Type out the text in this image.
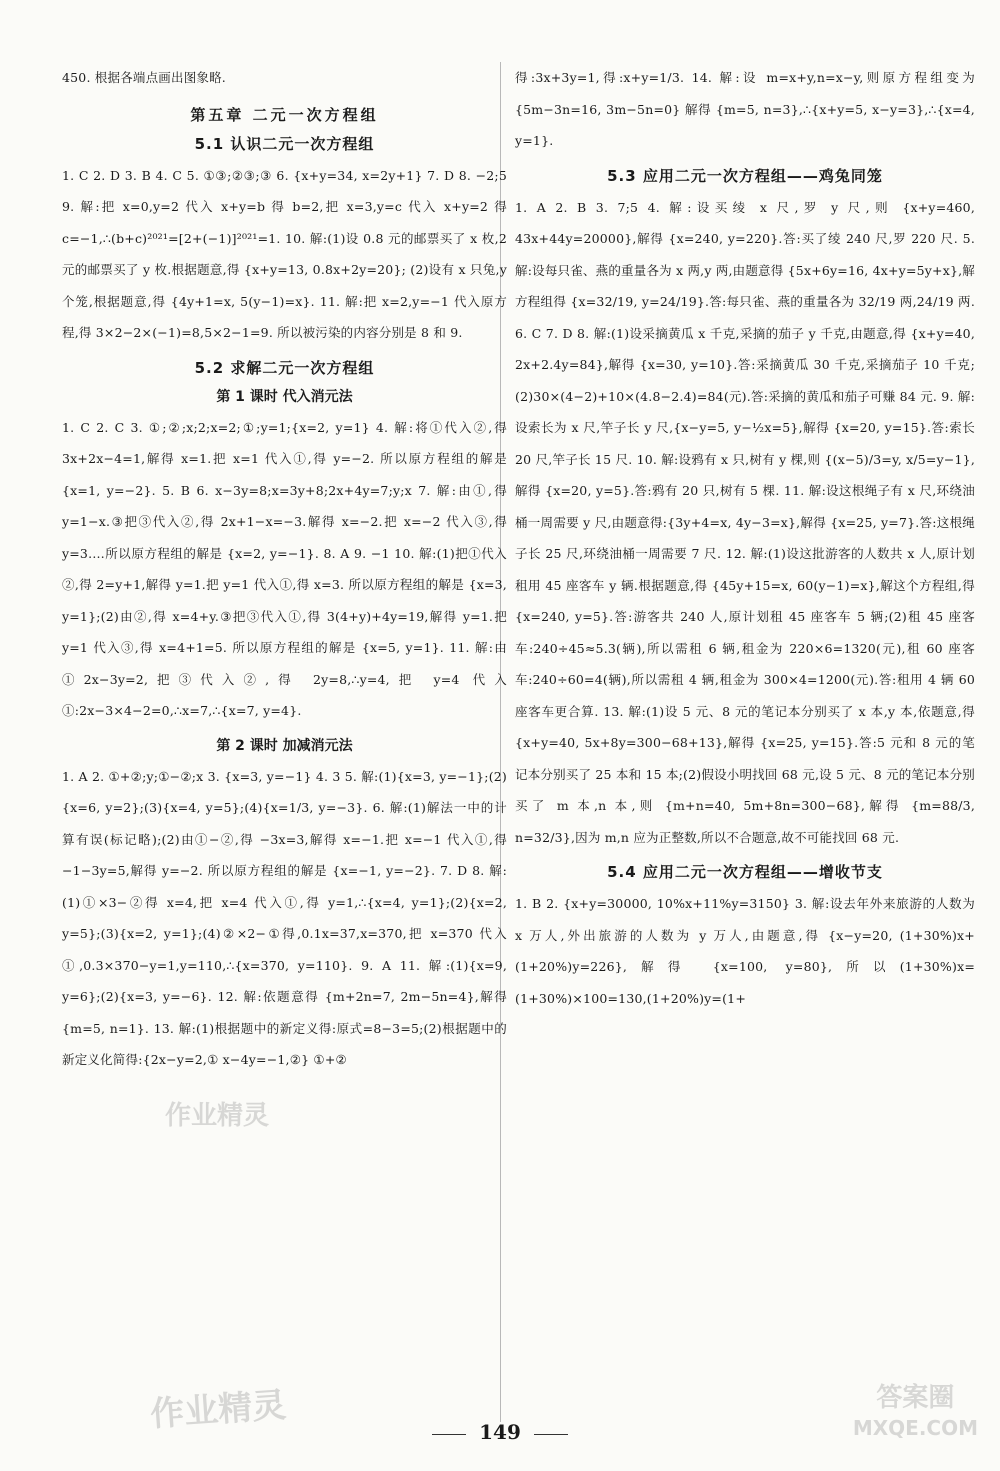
450. 根据各端点画出图象略.

第五章 二元一次方程组
5.1 认识二元一次方程组

1. C 2. D 3. B 4. C 5. ①③;②③;③ 6. {x+y=34, x=2y+1} 7. D 8. −2;5 9. 解:把 x=0,y=2 代入 x+y=b 得 b=2,把 x=3,y=c 代入 x+y=2 得 c=−1,∴(b+c)²⁰²¹=[2+(−1)]²⁰²¹=1. 10. 解:(1)设 0.8 元的邮票买了 x 枚,2 元的邮票买了 y 枚.根据题意,得 {x+y=13, 0.8x+2y=20}; (2)设有 x 只兔,y 个笼,根据题意,得 {4y+1=x, 5(y−1)=x}. 11. 解:把 x=2,y=−1 代入原方程,得 3×2−2×(−1)=8,5×2−1=9. 所以被污染的内容分别是 8 和 9.

5.2 求解二元一次方程组
第 1 课时 代入消元法

1. C 2. C 3. ①;②;x;2;x=2;①;y=1;{x=2, y=1} 4. 解:将①代入②,得 3x+2x−4=1,解得 x=1.把 x=1 代入①,得 y=−2. 所以原方程组的解是 {x=1, y=−2}. 5. B 6. x−3y=8;x=3y+8;2x+4y=7;y;x 7. 解:由①,得 y=1−x.③把③代入②,得 2x+1−x=−3.解得 x=−2.把 x=−2 代入③,得 y=3.…所以原方程组的解是 {x=2, y=−1}. 8. A 9. −1 10. 解:(1)把①代入②,得 2=y+1,解得 y=1.把 y=1 代入①,得 x=3. 所以原方程组的解是 {x=3, y=1};(2)由②,得 x=4+y.③把③代入①,得 3(4+y)+4y=19,解得 y=1.把 y=1 代入③,得 x=4+1=5. 所以原方程组的解是 {x=5, y=1}. 11. 解:由①2x−3y=2,把③代入②,得 2y=8,∴y=4,把 y=4 代入①:2x−3×4−2=0,∴x=7,∴{x=7, y=4}.

第 2 课时 加减消元法

1. A 2. ①+②;y;①−②;x 3. {x=3, y=−1} 4. 3 5. 解:(1){x=3, y=−1};(2){x=6, y=2};(3){x=4, y=5};(4){x=1/3, y=−3}. 6. 解:(1)解法一中的计算有误(标记略);(2)由①−②,得 −3x=3,解得 x=−1.把 x=−1 代入①,得 −1−3y=5,解得 y=−2. 所以原方程组的解是 {x=−1, y=−2}. 7. D 8. 解:(1)①×3−②得 x=4,把 x=4 代入①,得 y=1,∴{x=4, y=1};(2){x=2, y=5};(3){x=2, y=1};(4)②×2−①得,0.1x=37,x=370,把 x=370 代入①,0.3×370−y=1,y=110,∴{x=370, y=110}. 9. A 11. 解:(1){x=9, y=6};(2){x=3, y=−6}. 12. 解:依题意得 {m+2n=7, 2m−5n=4},解得 {m=5, n=1}. 13. 解:(1)根据题中的新定义得:原式=8−3=5;(2)根据题中的新定义化简得:{2x−y=2,① x−4y=−1,②} ①+②

得:3x+3y=1,得:x+y=1/3. 14. 解:设 m=x+y,n=x−y,则原方程组变为 {5m−3n=16, 3m−5n=0} 解得 {m=5, n=3},∴{x+y=5, x−y=3},∴{x=4, y=1}.

5.3 应用二元一次方程组——鸡兔同笼

1. A 2. B 3. 7;5 4. 解:设买绫 x 尺,罗 y 尺,则 {x+y=460, 43x+44y=20000},解得 {x=240, y=220}.答:买了绫 240 尺,罗 220 尺. 5. 解:设每只雀、燕的重量各为 x 两,y 两,由题意得 {5x+6y=16, 4x+y=5y+x},解方程组得 {x=32/19, y=24/19}.答:每只雀、燕的重量各为 32/19 两,24/19 两. 6. C 7. D 8. 解:(1)设采摘黄瓜 x 千克,采摘的茄子 y 千克,由题意,得 {x+y=40, 2x+2.4y=84},解得 {x=30, y=10}.答:采摘黄瓜 30 千克,采摘茄子 10 千克;(2)30×(4−2)+10×(4.8−2.4)=84(元).答:采摘的黄瓜和茄子可赚 84 元. 9. 解:设索长为 x 尺,竿子长 y 尺,{x−y=5, y−½x=5},解得 {x=20, y=15}.答:索长 20 尺,竿子长 15 尺. 10. 解:设鸦有 x 只,树有 y 棵,则 {(x−5)/3=y, x/5=y−1},解得 {x=20, y=5}.答:鸦有 20 只,树有 5 棵. 11. 解:设这根绳子有 x 尺,环绕油桶一周需要 y 尺,由题意得:{3y+4=x, 4y−3=x},解得 {x=25, y=7}.答:这根绳子长 25 尺,环绕油桶一周需要 7 尺. 12. 解:(1)设这批游客的人数共 x 人,原计划租用 45 座客车 y 辆.根据题意,得 {45y+15=x, 60(y−1)=x},解这个方程组,得 {x=240, y=5}.答:游客共 240 人,原计划租 45 座客车 5 辆;(2)租 45 座客车:240÷45≈5.3(辆),所以需租 6 辆,租金为 220×6=1320(元),租 60 座客车:240÷60=4(辆),所以需租 4 辆,租金为 300×4=1200(元).答:租用 4 辆 60 座客车更合算. 13. 解:(1)设 5 元、8 元的笔记本分别买了 x 本,y 本,依题意,得 {x+y=40, 5x+8y=300−68+13},解得 {x=25, y=15}.答:5 元和 8 元的笔记本分别买了 25 本和 15 本;(2)假设小明找回 68 元,设 5 元、8 元的笔记本分别买了 m 本,n 本,则 {m+n=40, 5m+8n=300−68},解得 {m=88/3, n=32/3},因为 m,n 应为正整数,所以不合题意,故不可能找回 68 元.

5.4 应用二元一次方程组——增收节支

1. B 2. {x+y=30000, 10%x+11%y=3150} 3. 解:设去年外来旅游的人数为 x 万人,外出旅游的人数为 y 万人,由题意,得 {x−y=20, (1+30%)x+(1+20%)y=226},解得 {x=100, y=80},所以(1+30%)x=(1+30%)×100=130,(1+20%)y=(1+

149
作业精灵
作业精灵	答案圈
MXQE.COM
